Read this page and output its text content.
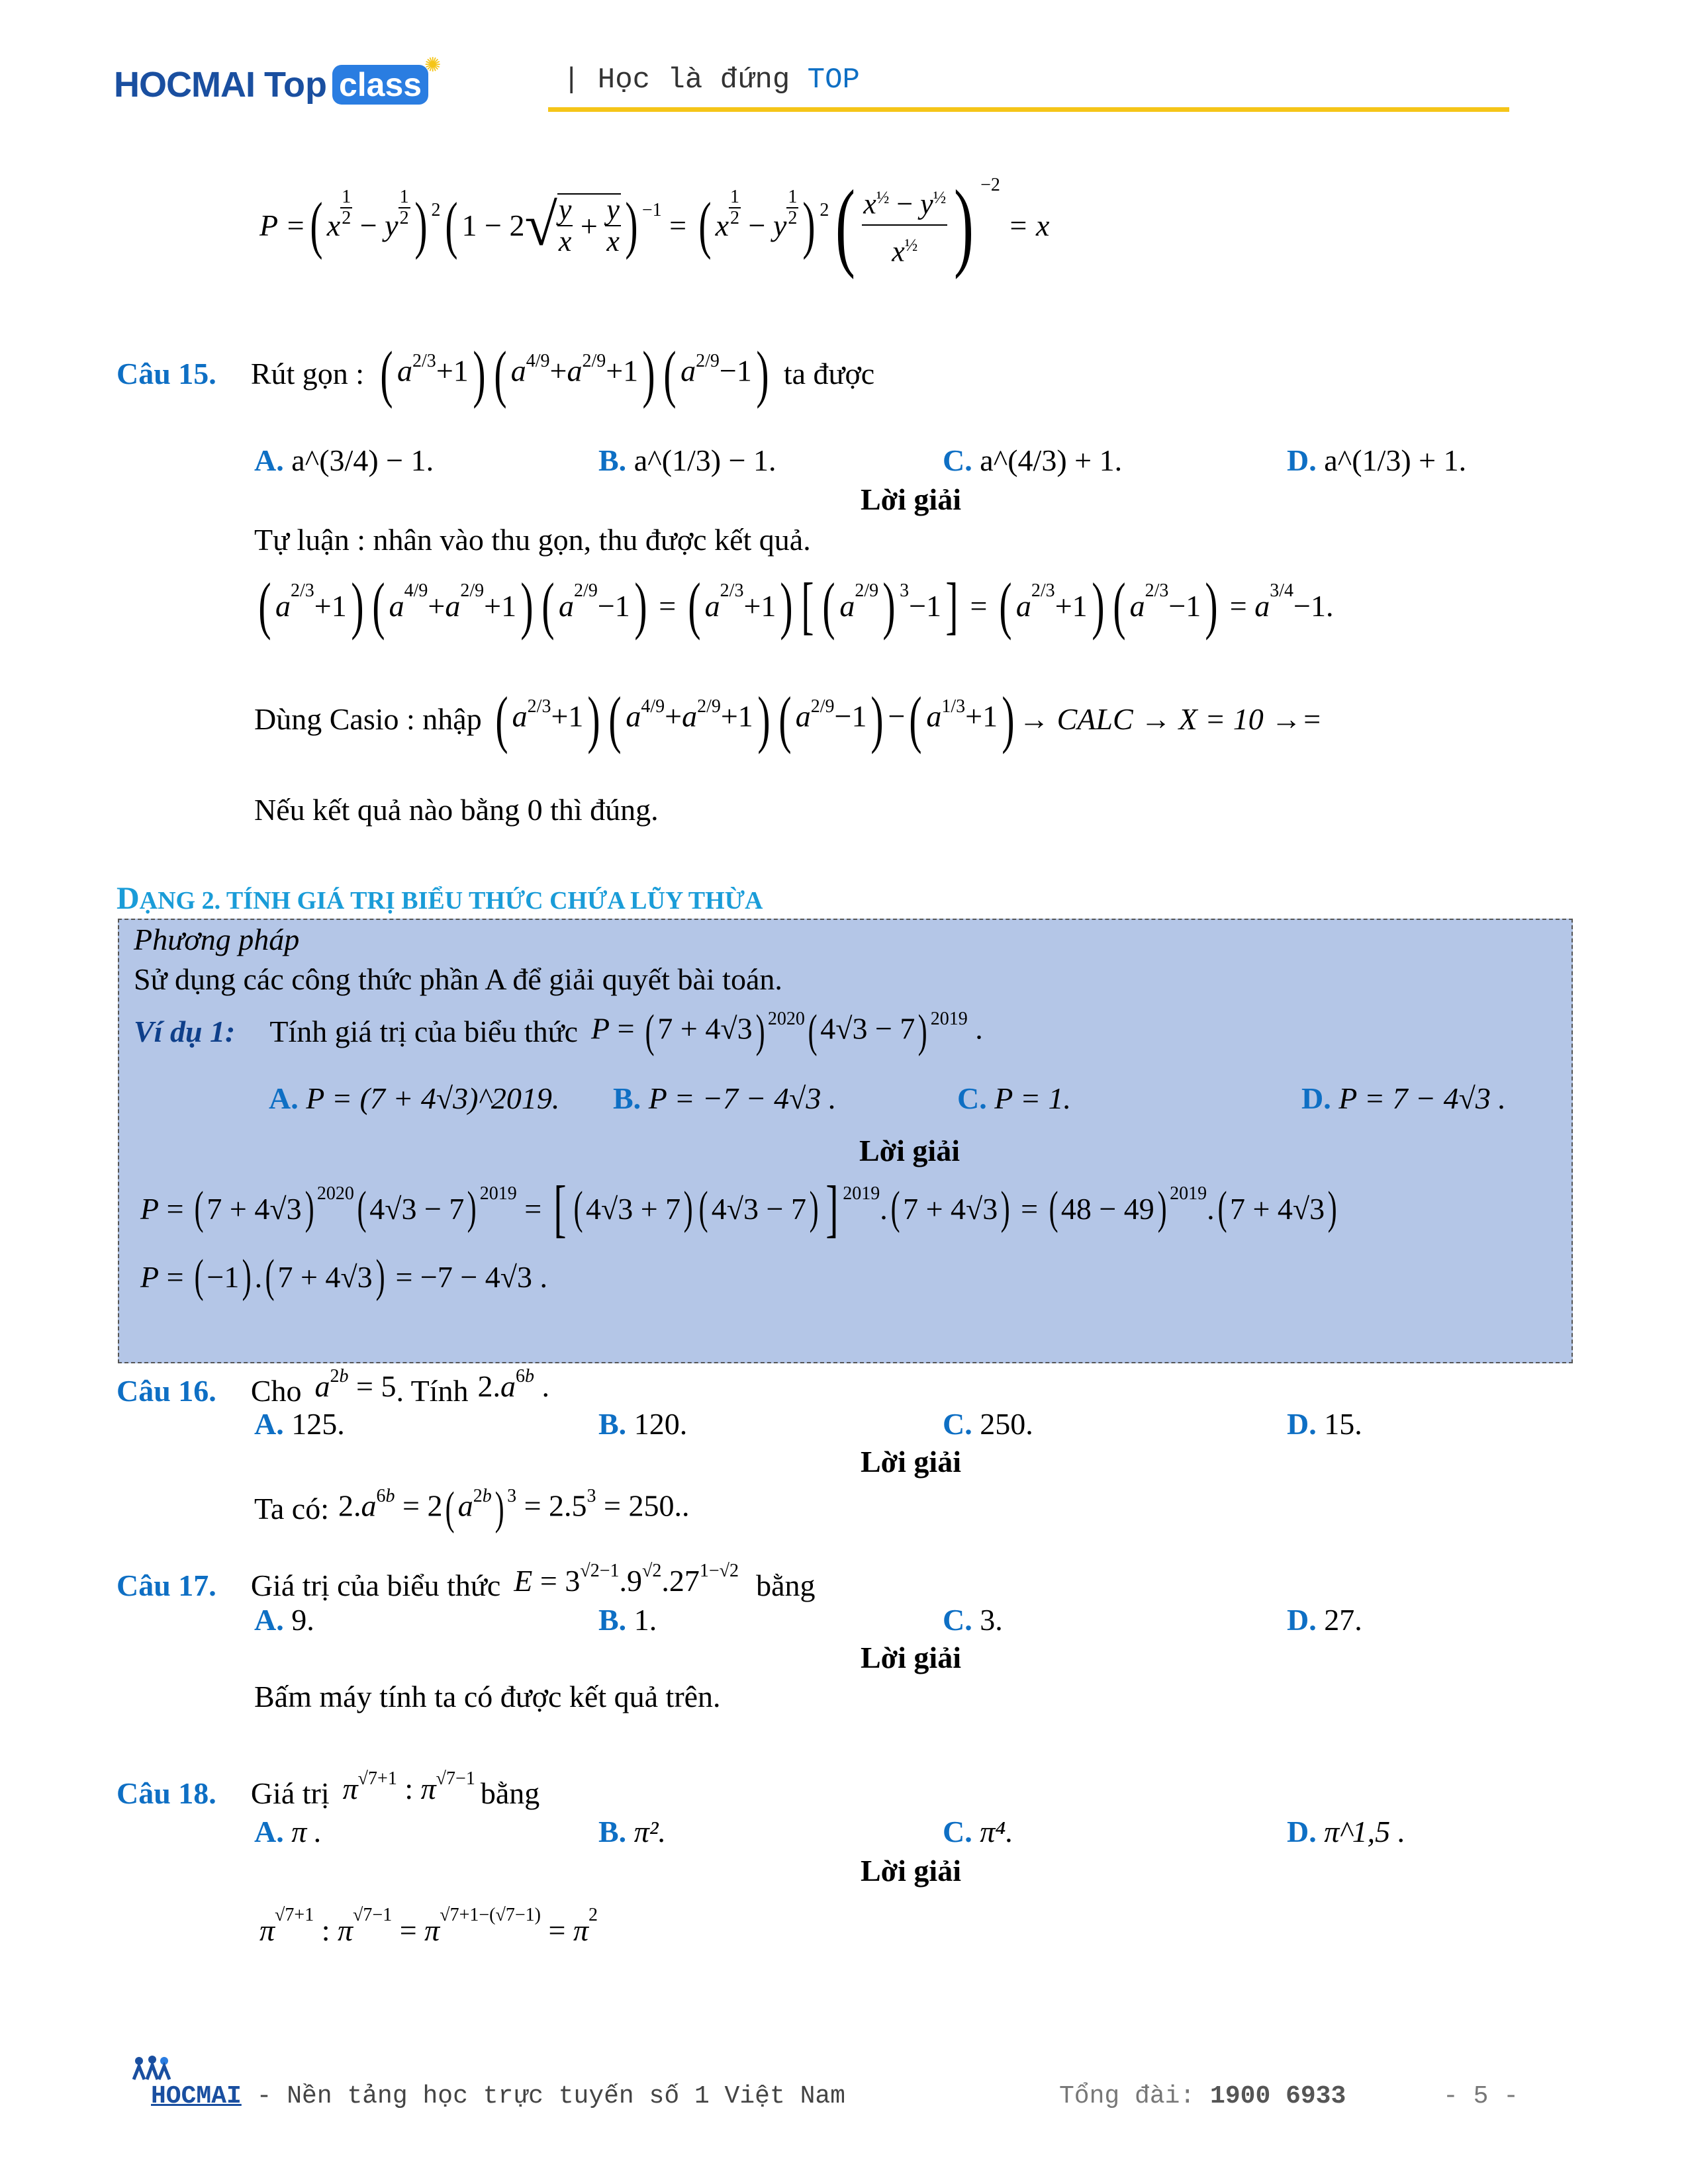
HOCMAI Top class
✺	| Học là đứng TOP
P = ( x $\frac{1}{2} - y \frac{1}{2}$ ) 2 ( 1 − 2 √ $\frac{y}{x} + \frac{y}{x}$ ) −1
=
( x $\frac{1}{2} - y \frac{1}{2}$ ) 2 ( $\frac{x^{\frac{1}{2}} - y^{\frac{1}{2}}}{x^{\frac{1}{2}}}$ ) −2

= x
Câu 15. Rút gọn : ( $a^{2/3}+1$) ( $a^{4/9}+a^{2/9}+1$) ( $a^{2/9}-1$) ta được
A. a^(3/4) − 1.	B. a^(1/3) − 1.	C. a^(4/3) + 1.	D. a^(1/3) + 1.
Lời giải
Tự luận : nhân vào thu gọn, thu được kết quả.
( a 2/3 +1 ) ( a 4/9 + a 2/9 +1 ) ( a 2/9 −1 ) = ( a 2/3 +1 ) [ ( a 2/9 ) 3 −1 ] = ( a 2/3 +1 ) ( a 2/3 −1 ) = a 3/4 −1.
Dùng Casio : nhập ( $a^{2/3}+1$) ( $a^{4/9}+a^{2/9}+1$) ( $a^{2/9}-1$) −( $a^{1/3}+1$) → CALC → X = 10 →=
Nếu kết quả nào bằng 0 thì đúng.
DẠNG 2. TÍNH GIÁ TRỊ BIỂU THỨC CHỨA LŨY THỪA
Phương pháp
Sử dụng các công thức phần A để giải quyết bài toán.
Ví dụ 1: Tính giá trị của biểu thức P = ( 7 + 4√3) $^{2020}$( 4√3 − 7) $^{2019}$ .
A. P = (7 + 4√3)^2019. B. P = −7 − 4√3 .	C. P = 1.	D. P = 7 − 4√3 .
Lời giải
P = ( 7 + 4√3 ) 2020 ( 4√3 − 7 ) 2019 = [ ( 4√3 + 7 ) ( 4√3 − 7 ) ] 2019 . ( 7 + 4√3 ) = ( 48 − 49 ) 2019 . ( 7 + 4√3 )
P = ( −1 ) . ( 7 + 4√3 ) = −7 − 4√3 .
Câu 16. Cho $a^{2b} = 5$ . Tính $2.a^{6b}$ .
A. 125.	B. 120.	C. 250.	D. 15.
Lời giải
Ta có: $2.a^{6b} = 2$( $a^{2b}$) $^3 = 2.5^3 = 250$..
Câu 17. Giá trị của biểu thức $E = 3^{√2-1}.9^{√2}.27^{1-√2}$ bằng
A. 9.	B. 1.	C. 3.	D. 27.
Lời giải
Bấm máy tính ta có được kết quả trên.
Câu 18. Giá trị $\pi^{√7+1}$ : $\pi^{√7-1}$ bằng
A. π .	B. π².	C. π⁴.	D. π^1,5 .
Lời giải
π √7+1 : π √7−1 = π √7+1−(√7−1) = π 2
HOCMAI - Nền tảng học trực tuyến số 1 Việt Nam	Tổng đài: 1900 6933	- 5 -
